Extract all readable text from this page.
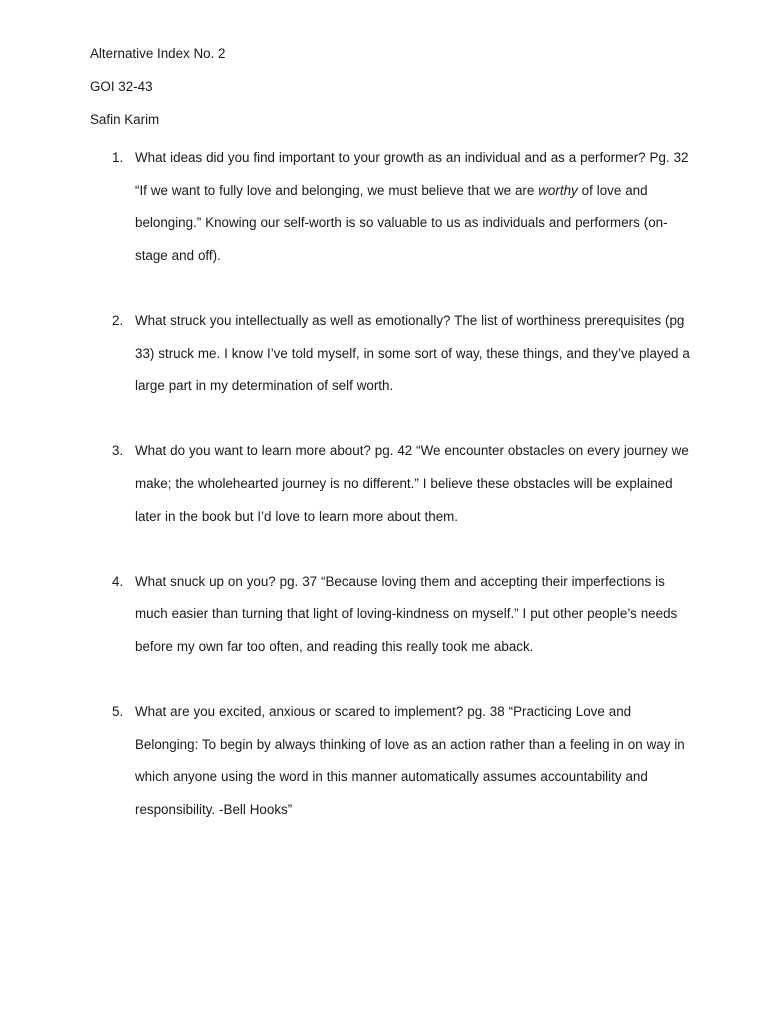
Alternative Index No. 2
GOI 32-43
Safin Karim
1. What ideas did you find important to your growth as an individual and as a performer? Pg. 32 “If we want to fully love and belonging, we must believe that we are worthy of love and belonging.” Knowing our self-worth is so valuable to us as individuals and performers (on-stage and off).
2. What struck you intellectually as well as emotionally? The list of worthiness prerequisites (pg 33) struck me. I know I’ve told myself, in some sort of way, these things, and they’ve played a large part in my determination of self worth.
3. What do you want to learn more about? pg. 42 “We encounter obstacles on every journey we make; the wholehearted journey is no different.” I believe these obstacles will be explained later in the book but I’d love to learn more about them.
4. What snuck up on you? pg. 37 “Because loving them and accepting their imperfections is much easier than turning that light of loving-kindness on myself.” I put other people’s needs before my own far too often, and reading this really took me aback.
5. What are you excited, anxious or scared to implement? pg. 38 “Practicing Love and Belonging: To begin by always thinking of love as an action rather than a feeling in on way in which anyone using the word in this manner automatically assumes accountability and responsibility. -Bell Hooks”
